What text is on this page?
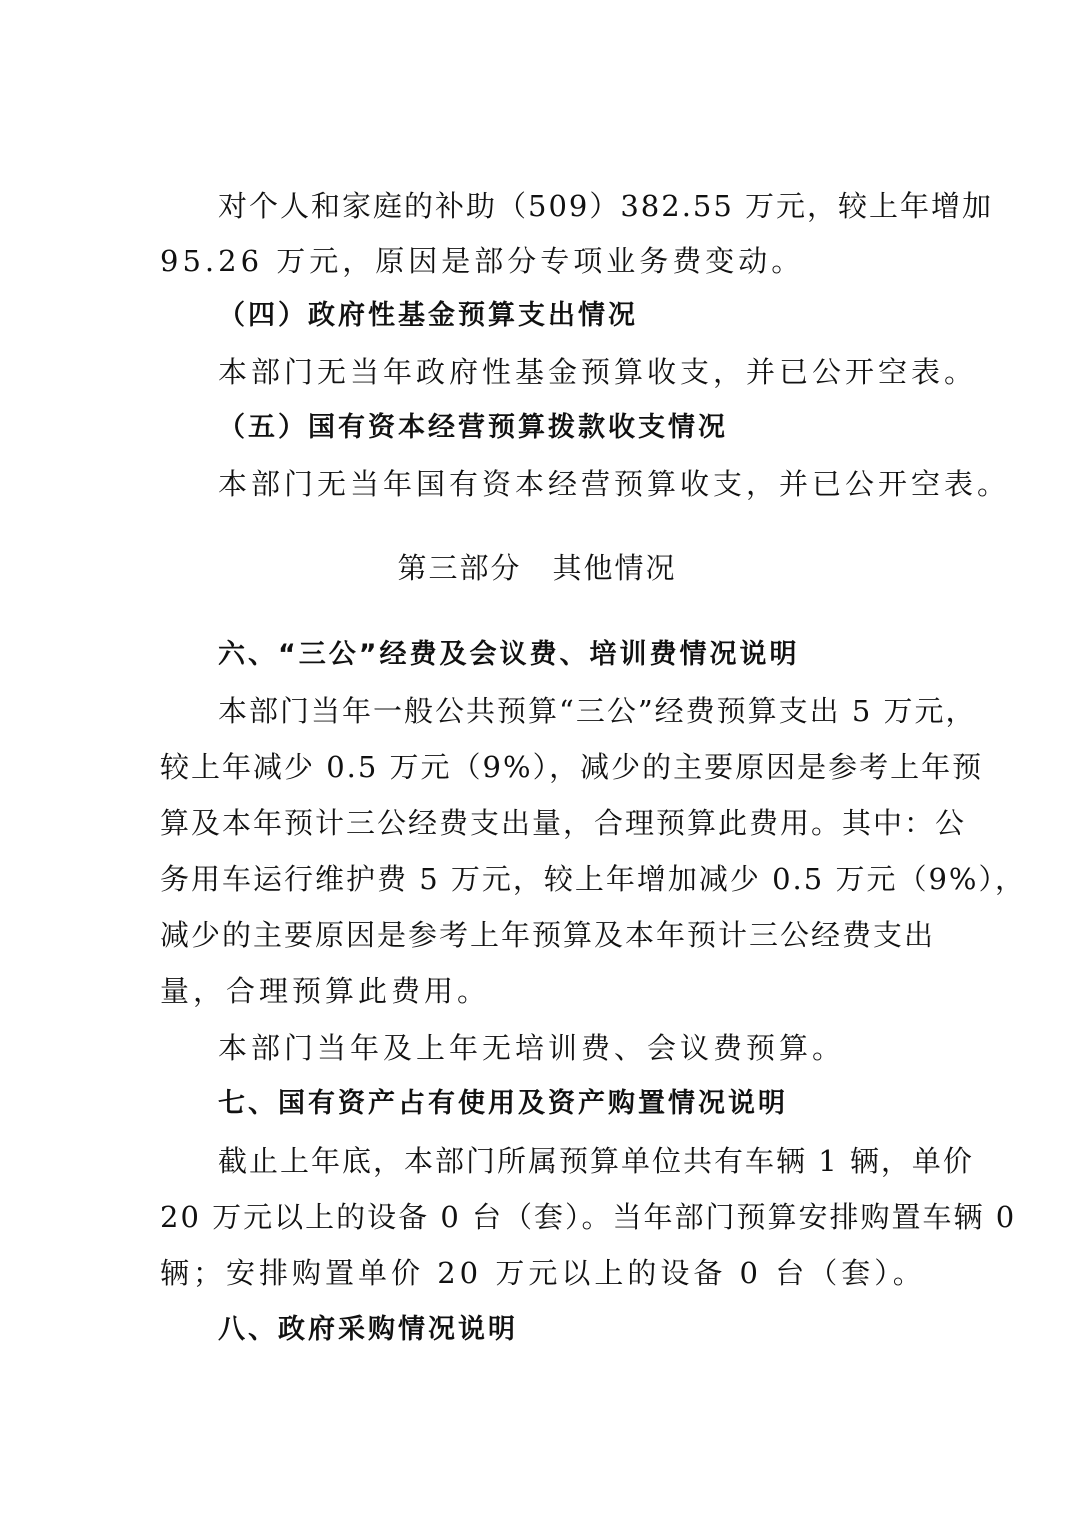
对个人和家庭的补助（509）382.55 万元，较上年增加
95.26 万元，原因是部分专项业务费变动。
（四）政府性基金预算支出情况
本部门无当年政府性基金预算收支，并已公开空表。
（五）国有资本经营预算拨款收支情况
本部门无当年国有资本经营预算收支，并已公开空表。
第三部分　其他情况
六、“三公”经费及会议费、培训费情况说明
本部门当年一般公共预算“三公”经费预算支出 5 万元，
较上年减少 0.5 万元（9%），减少的主要原因是参考上年预
算及本年预计三公经费支出量，合理预算此费用。其中：公
务用车运行维护费 5 万元，较上年增加减少 0.5 万元（9%），
减少的主要原因是参考上年预算及本年预计三公经费支出
量，合理预算此费用。
本部门当年及上年无培训费、会议费预算。
七、国有资产占有使用及资产购置情况说明
截止上年底，本部门所属预算单位共有车辆 1 辆，单价
20 万元以上的设备 0 台（套）。当年部门预算安排购置车辆 0
辆；安排购置单价 20 万元以上的设备 0 台（套）。
八、政府采购情况说明
